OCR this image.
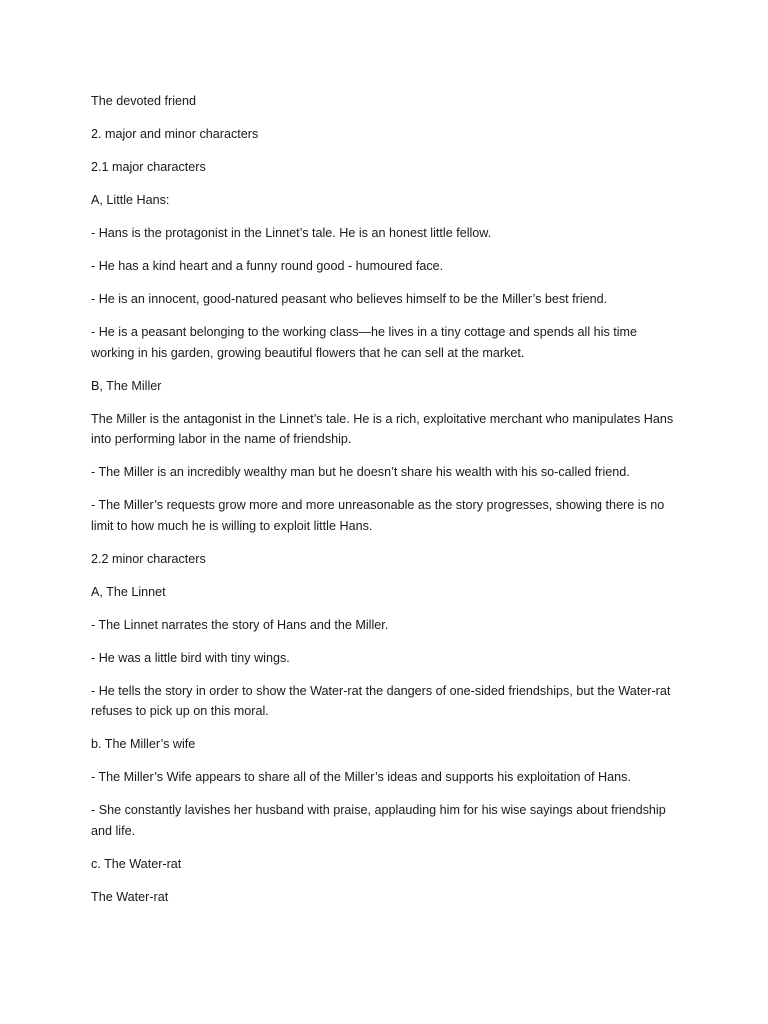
The devoted friend

2. major and minor characters

2.1 major characters

A, Little Hans:

- Hans is the protagonist in the Linnet’s tale. He is an honest little fellow.

- He has a kind heart and a funny round good - humoured face.

- He is an innocent, good-natured peasant who believes himself to be the Miller’s best friend.

- He is a peasant belonging to the working class—he lives in a tiny cottage and spends all his time working in his garden, growing beautiful flowers that he can sell at the market.

B, The Miller

The Miller is the antagonist in the Linnet’s tale. He is a rich, exploitative merchant who manipulates Hans into performing labor in the name of friendship.

- The Miller is an incredibly wealthy man but he doesn’t share his wealth with his so-called friend.

- The Miller’s requests grow more and more unreasonable as the story progresses, showing there is no limit to how much he is willing to exploit little Hans.

2.2 minor characters

A, The Linnet

- The Linnet narrates the story of Hans and the Miller.

- He was a little bird with tiny wings.

- He tells the story in order to show the Water-rat the dangers of one-sided friendships, but the Water-rat refuses to pick up on this moral.

b. The Miller’s wife

- The Miller’s Wife appears to share all of the Miller’s ideas and supports his exploitation of Hans.

- She constantly lavishes her husband with praise, applauding him for his wise sayings about friendship and life.

c. The Water-rat

The Water-rat
